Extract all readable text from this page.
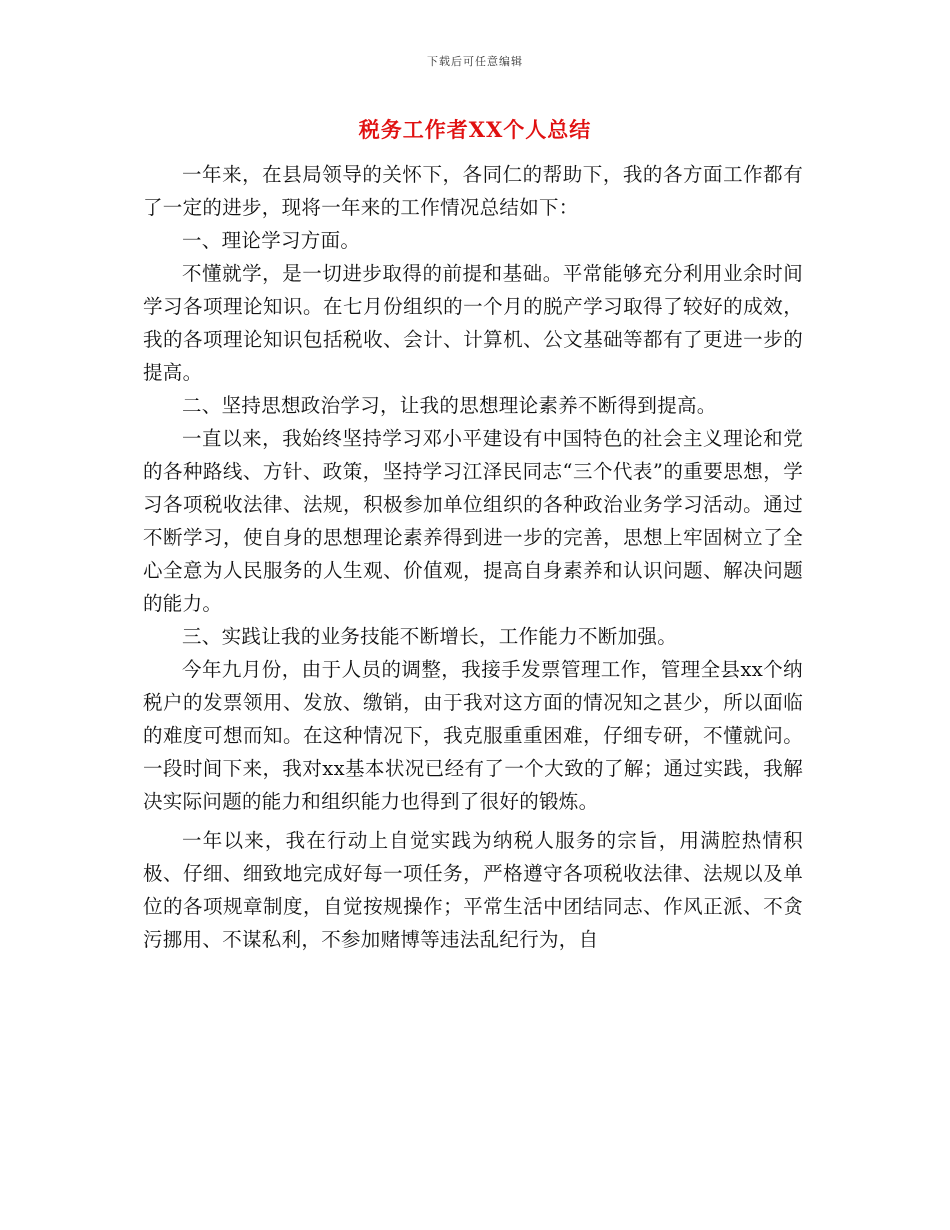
下载后可任意编辑
税务工作者XX个人总结

一年来，在县局领导的关怀下，各同仁的帮助下，我的各方面工作都有了一定的进步，现将一年来的工作情况总结如下：

一、理论学习方面。

不懂就学，是一切进步取得的前提和基础。平常能够充分利用业余时间学习各项理论知识。在七月份组织的一个月的脱产学习取得了较好的成效，我的各项理论知识包括税收、会计、计算机、公文基础等都有了更进一步的提高。

二、坚持思想政治学习，让我的思想理论素养不断得到提高。

一直以来，我始终坚持学习邓小平建设有中国特色的社会主义理论和党的各种路线、方针、政策，坚持学习江泽民同志“三个代表”的重要思想，学习各项税收法律、法规，积极参加单位组织的各种政治业务学习活动。通过不断学习，使自身的思想理论素养得到进一步的完善，思想上牢固树立了全心全意为人民服务的人生观、价值观，提高自身素养和认识问题、解决问题的能力。

三、实践让我的业务技能不断增长，工作能力不断加强。

今年九月份，由于人员的调整，我接手发票管理工作，管理全县xx个纳税户的发票领用、发放、缴销，由于我对这方面的情况知之甚少，所以面临的难度可想而知。在这种情况下，我克服重重困难，仔细专研，不懂就问。一段时间下来，我对xx基本状况已经有了一个大致的了解；通过实践，我解决实际问题的能力和组织能力也得到了很好的锻炼。

一年以来，我在行动上自觉实践为纳税人服务的宗旨，用满腔热情积极、仔细、细致地完成好每一项任务，严格遵守各项税收法律、法规以及单位的各项规章制度，自觉按规操作；平常生活中团结同志、作风正派、不贪污挪用、不谋私利，不参加赌博等违法乱纪行为，自
